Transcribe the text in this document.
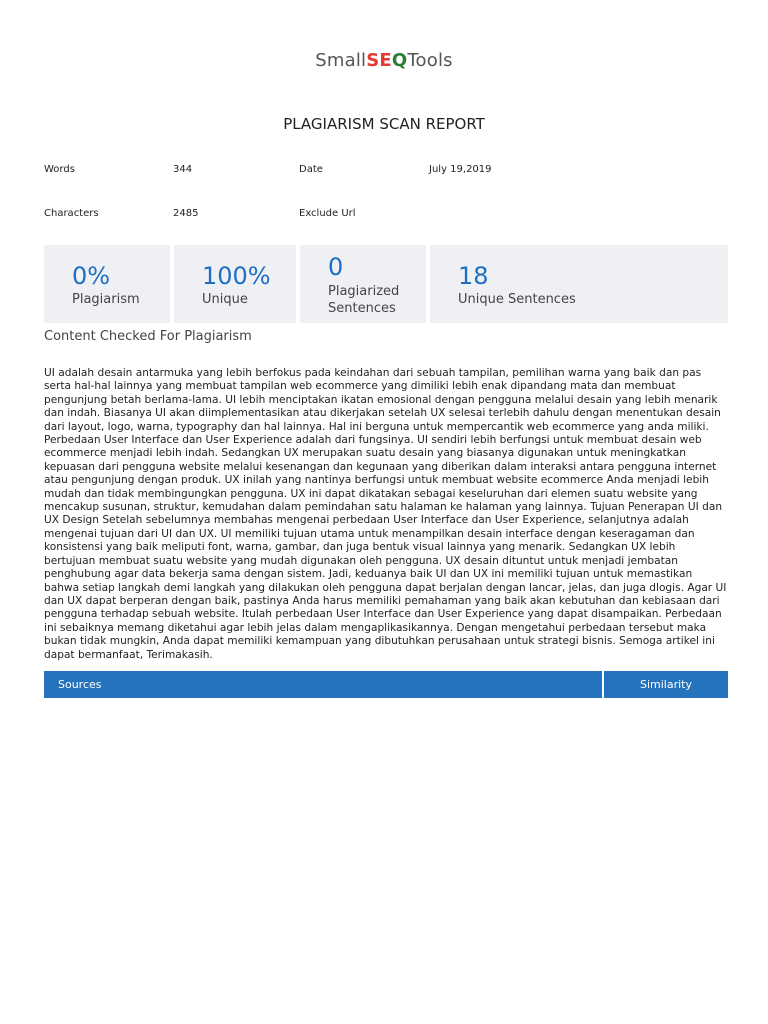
SmallSEQTools
PLAGIARISM SCAN REPORT
Words	344	Date	July 19,2019
Characters	2485	Exclude Url
0%
Plagiarism
100%
Unique
0
Plagiarized Sentences
18
Unique Sentences
Content Checked For Plagiarism
UI adalah desain antarmuka yang lebih berfokus pada keindahan dari sebuah tampilan, pemilihan warna yang baik dan pas serta hal-hal lainnya yang membuat tampilan web ecommerce yang dimiliki lebih enak dipandang mata dan membuat pengunjung betah berlama-lama. UI lebih menciptakan ikatan emosional dengan pengguna melalui desain yang lebih menarik dan indah. Biasanya UI akan diimplementasikan atau dikerjakan setelah UX selesai terlebih dahulu dengan menentukan desain dari layout, logo, warna, typography dan hal lainnya. Hal ini berguna untuk mempercantik web ecommerce yang anda miliki. Perbedaan User Interface dan User Experience adalah dari fungsinya. UI sendiri lebih berfungsi untuk membuat desain web ecommerce menjadi lebih indah. Sedangkan UX merupakan suatu desain yang biasanya digunakan untuk meningkatkan kepuasan dari pengguna website melalui kesenangan dan kegunaan yang diberikan dalam interaksi antara pengguna internet atau pengunjung dengan produk. UX inilah yang nantinya berfungsi untuk membuat website ecommerce Anda menjadi lebih mudah dan tidak membingungkan pengguna. UX ini dapat dikatakan sebagai keseluruhan dari elemen suatu website yang mencakup susunan, struktur, kemudahan dalam pemindahan satu halaman ke halaman yang lainnya. Tujuan Penerapan UI dan UX Design Setelah sebelumnya membahas mengenai perbedaan User Interface dan User Experience, selanjutnya adalah mengenai tujuan dari UI dan UX. UI memiliki tujuan utama untuk menampilkan desain interface dengan keseragaman dan konsistensi yang baik meliputi font, warna, gambar, dan juga bentuk visual lainnya yang menarik. Sedangkan UX lebih bertujuan membuat suatu website yang mudah digunakan oleh pengguna. UX desain dituntut untuk menjadi jembatan penghubung agar data bekerja sama dengan sistem. Jadi, keduanya baik UI dan UX ini memiliki tujuan untuk memastikan bahwa setiap langkah demi langkah yang dilakukan oleh pengguna dapat berjalan dengan lancar, jelas, dan juga dlogis. Agar UI dan UX dapat berperan dengan baik, pastinya Anda harus memiliki pemahaman yang baik akan kebutuhan dan kebiasaan dari pengguna terhadap sebuah website. Itulah perbedaan User Interface dan User Experience yang dapat disampaikan. Perbedaan ini sebaiknya memang diketahui agar lebih jelas dalam mengaplikasikannya. Dengan mengetahui perbedaan tersebut maka bukan tidak mungkin, Anda dapat memiliki kemampuan yang dibutuhkan perusahaan untuk strategi bisnis. Semoga artikel ini dapat bermanfaat, Terimakasih.
Sources	Similarity
